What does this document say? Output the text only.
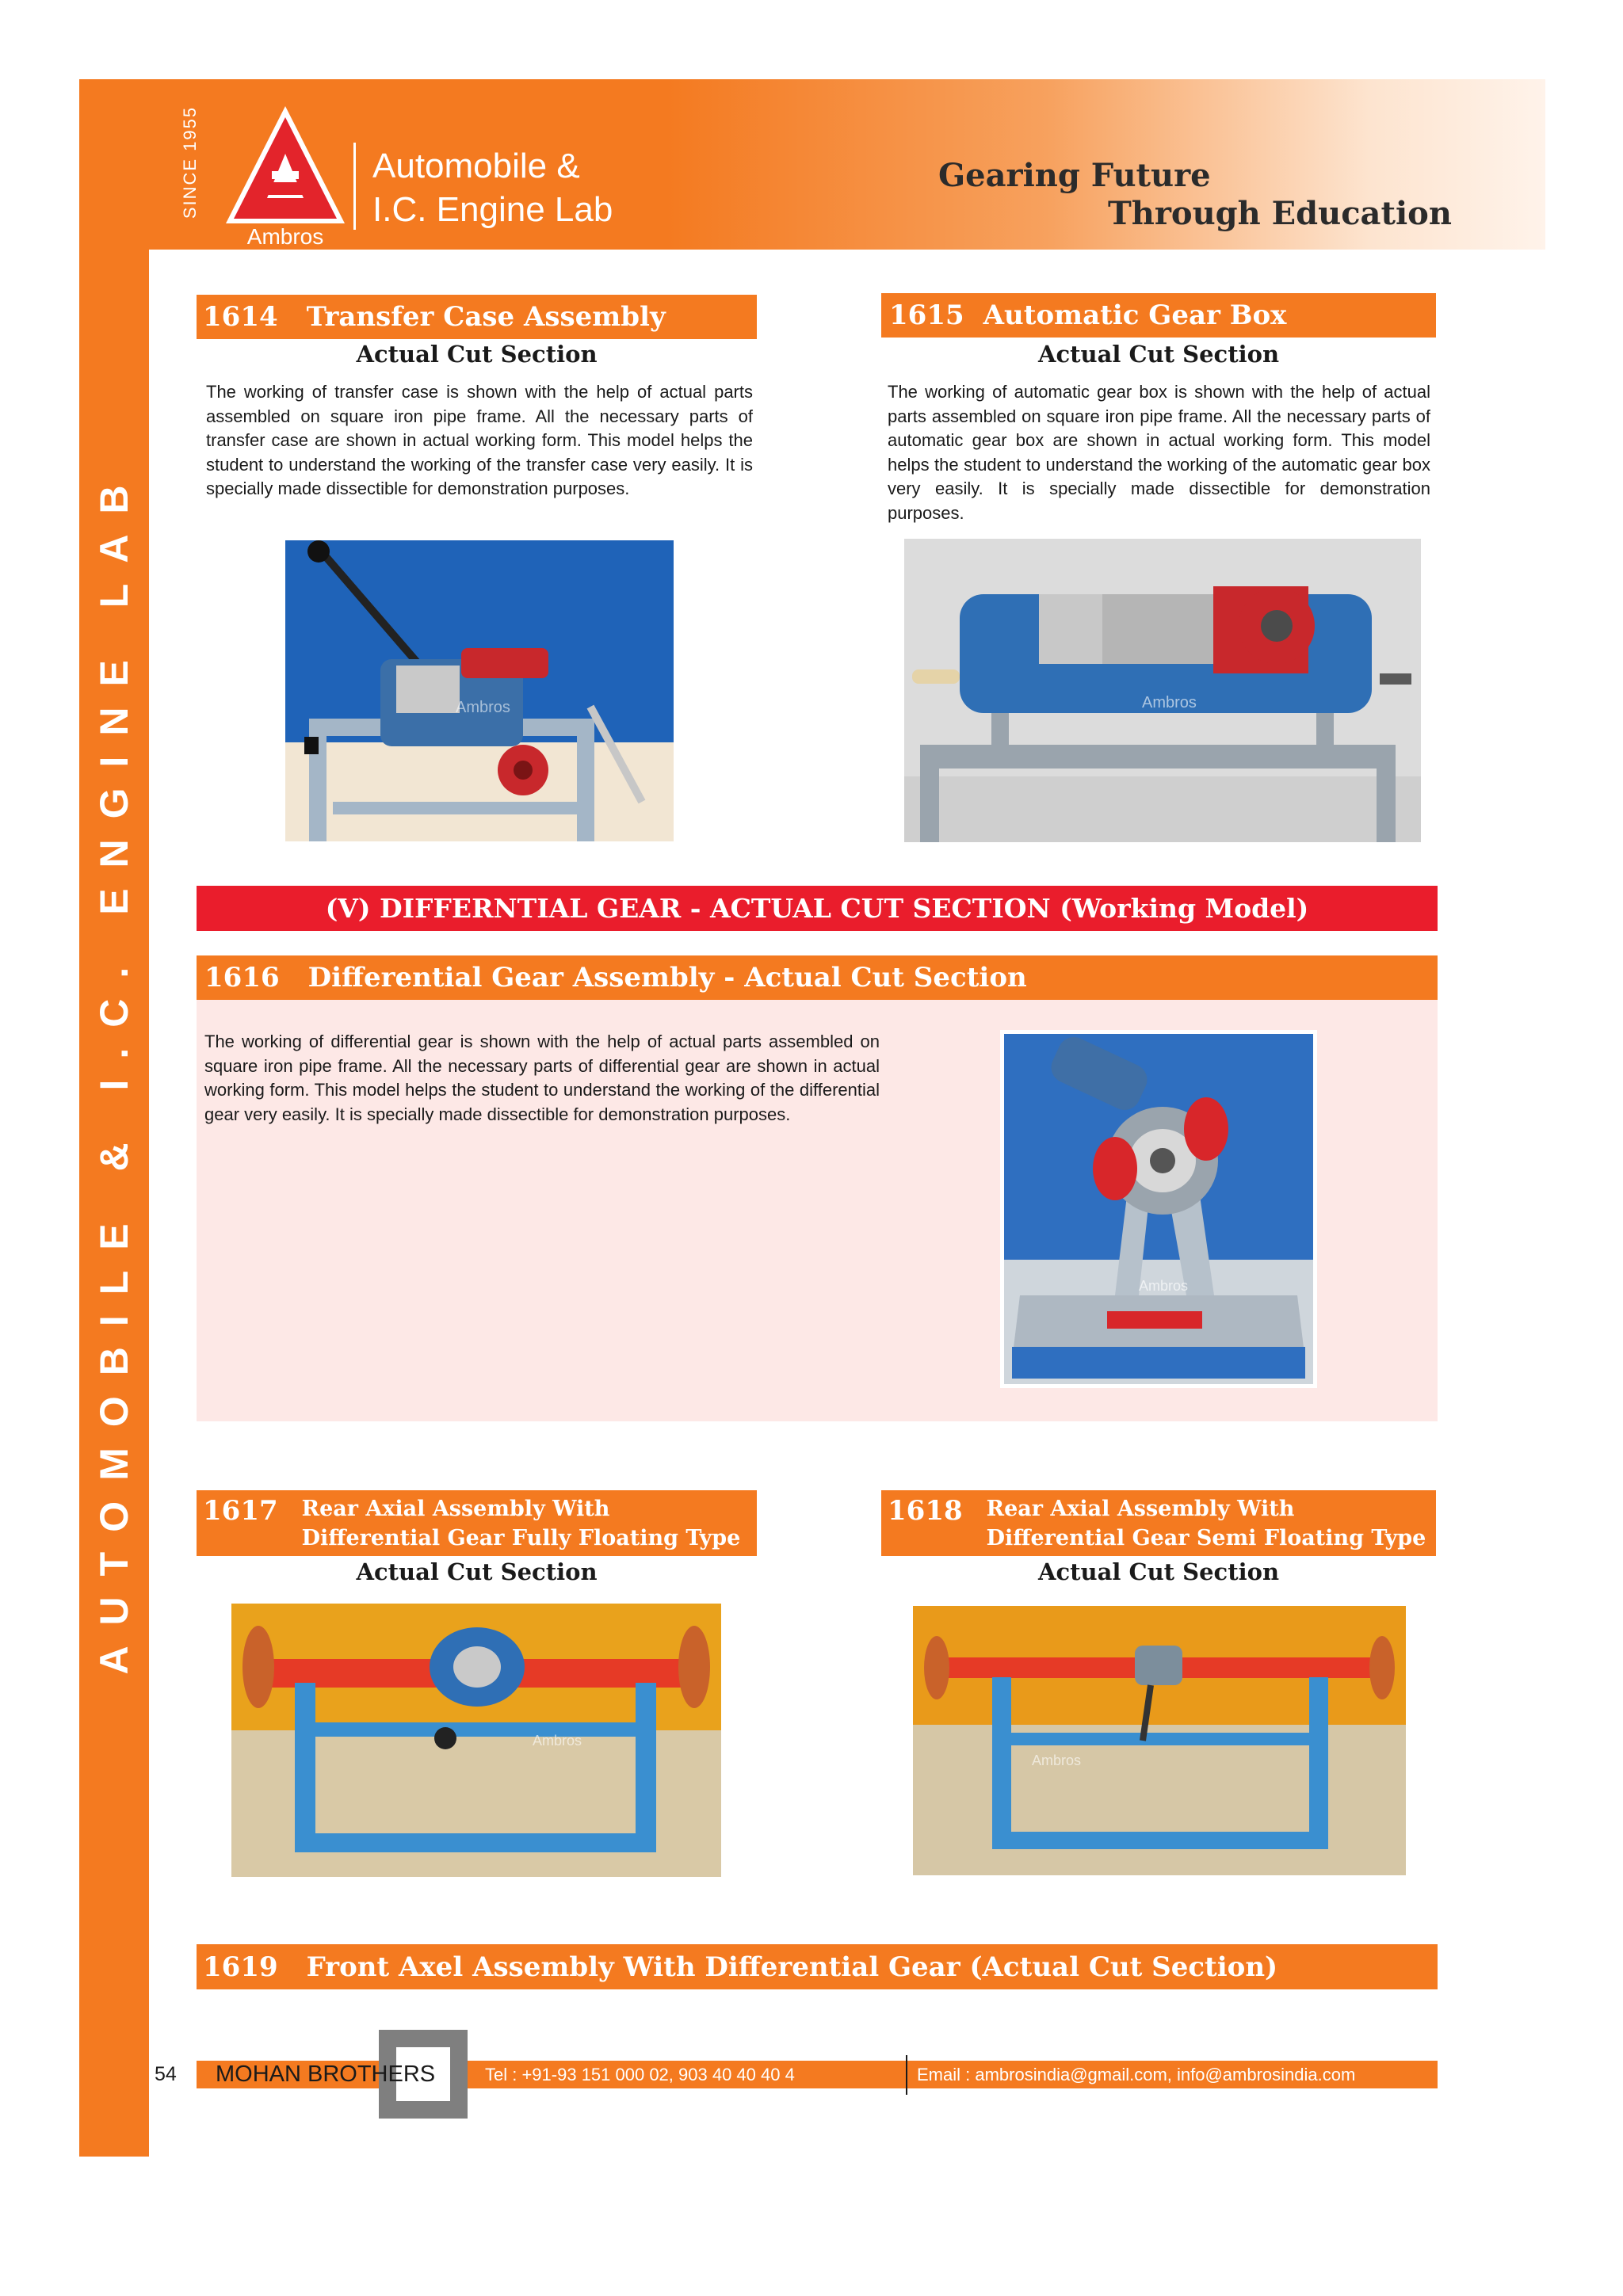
AUTOMOBILE & I.C. ENGINE LAB
SINCE 1955
Ambros
Automobile &
I.C. Engine Lab
Gearing Future
Through Education
1614 Transfer Case Assembly
Actual Cut Section

The working of transfer case is shown with the help of actual parts assembled on square iron pipe frame. All the necessary parts of transfer case are shown in actual working form. This model helps the student to understand the working of the transfer case very easily. It is specially made dissectible for demonstration purposes.

Ambros
1615 Automatic Gear Box
Actual Cut Section

The working of automatic gear box is shown with the help of actual parts assembled on square iron pipe frame. All the necessary parts of automatic gear box are shown in actual working form. This model helps the student to understand the working of the automatic gear box very easily. It is specially made dissectible for demonstration purposes.

Ambros
(V) DIFFERNTIAL GEAR - ACTUAL CUT SECTION (Working Model)
1616 Differential Gear Assembly - Actual Cut Section

The working of differential gear is shown with the help of actual parts assembled on square iron pipe frame. All the necessary parts of differential gear are shown in actual working form. This model helps the student to understand the working of the differential gear very easily. It is specially made dissectible for demonstration purposes.

Ambros
1617 Rear Axial Assembly With
Differential Gear Fully Floating Type
Actual Cut Section
Ambros
1618 Rear Axial Assembly With
Differential Gear Semi Floating Type
Actual Cut Section
Ambros
1619 Front Axel Assembly With Differential Gear (Actual Cut Section)
54 MOHAN BROTHERS	Tel : +91-93 151 000 02, 903 40 40 40 4	Email : ambrosindia@gmail.com, info@ambrosindia.com
